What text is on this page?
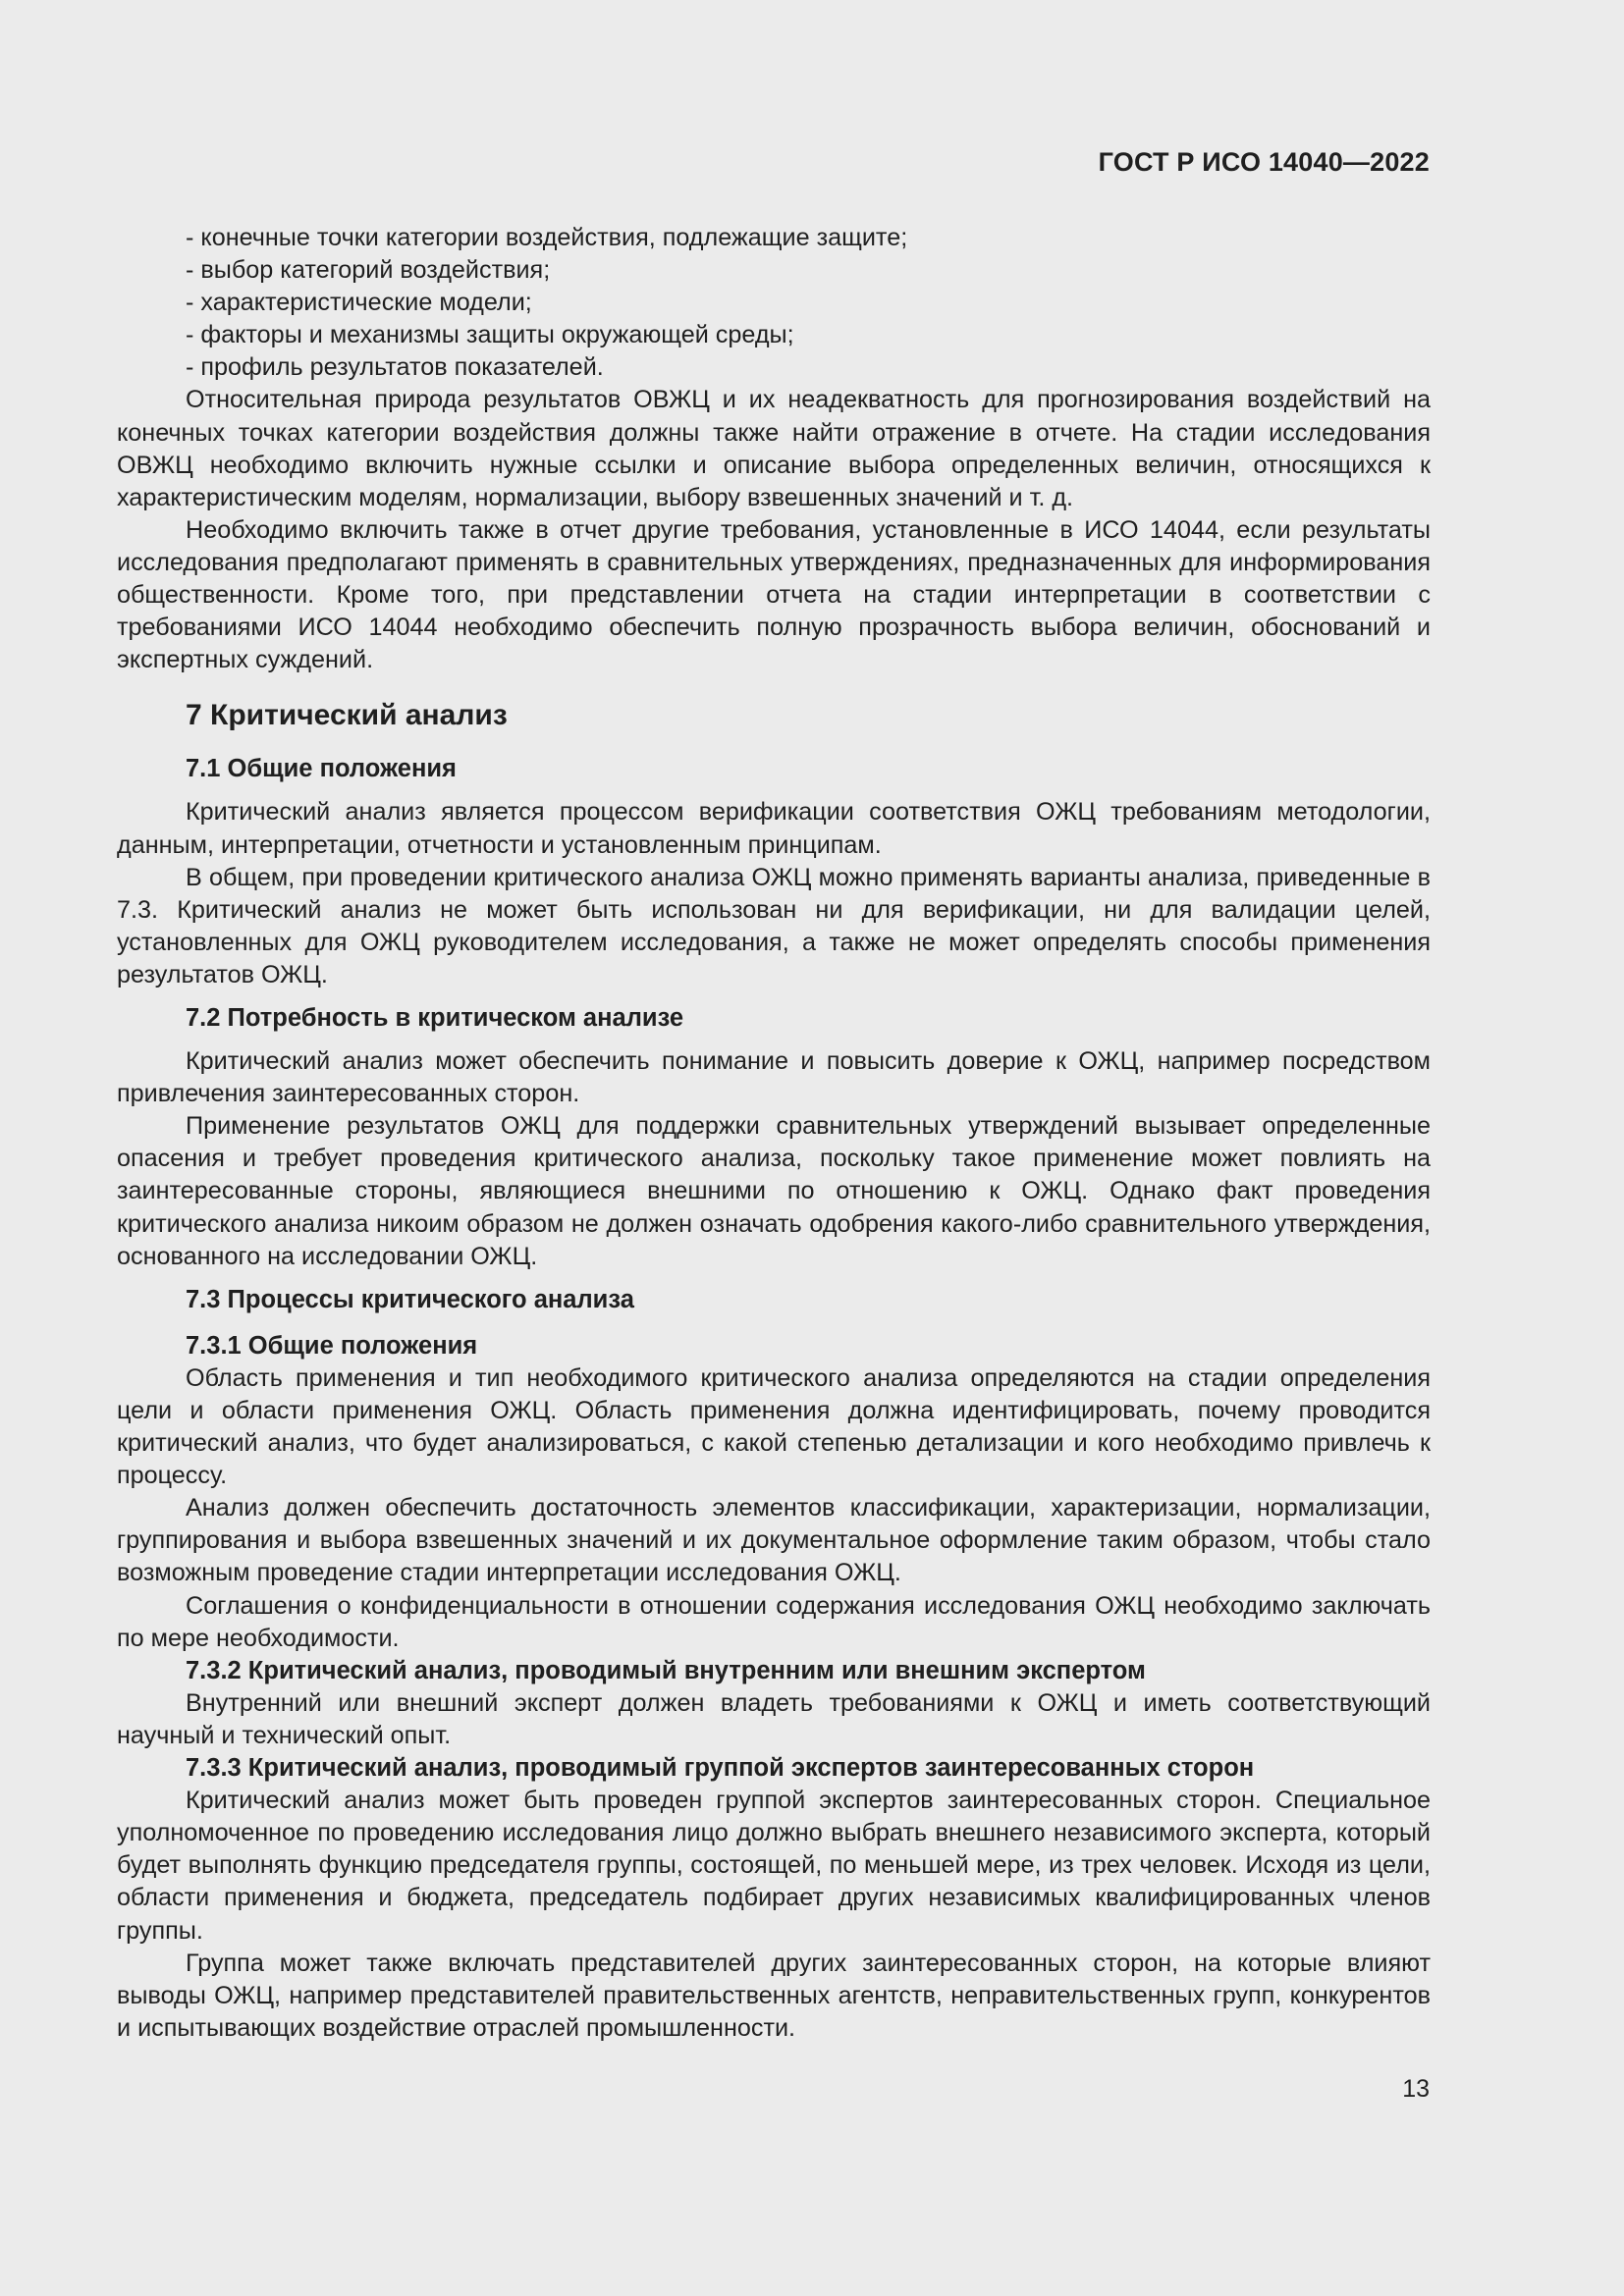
ГОСТ Р ИСО 14040—2022

- конечные точки категории воздействия, подлежащие защите;

- выбор категорий воздействия;

- характеристические модели;

- факторы и механизмы защиты окружающей среды;

- профиль результатов показателей.

Относительная природа результатов ОВЖЦ и их неадекватность для прогнозирования воздействий на конечных точках категории воздействия должны также найти отражение в отчете. На стадии исследования ОВЖЦ необходимо включить нужные ссылки и описание выбора определенных величин, относящихся к характеристическим моделям, нормализации, выбору взвешенных значений и т. д.

Необходимо включить также в отчет другие требования, установленные в ИСО 14044, если результаты исследования предполагают применять в сравнительных утверждениях, предназначенных для информирования общественности. Кроме того, при представлении отчета на стадии интерпретации в соответствии с требованиями ИСО 14044 необходимо обеспечить полную прозрачность выбора величин, обоснований и экспертных суждений.

7 Критический анализ
7.1 Общие положения

Критический анализ является процессом верификации соответствия ОЖЦ требованиям методологии, данным, интерпретации, отчетности и установленным принципам.

В общем, при проведении критического анализа ОЖЦ можно применять варианты анализа, приведенные в 7.3. Критический анализ не может быть использован ни для верификации, ни для валидации целей, установленных для ОЖЦ руководителем исследования, а также не может определять способы применения результатов ОЖЦ.

7.2 Потребность в критическом анализе

Критический анализ может обеспечить понимание и повысить доверие к ОЖЦ, например посредством привлечения заинтересованных сторон.

Применение результатов ОЖЦ для поддержки сравнительных утверждений вызывает определенные опасения и требует проведения критического анализа, поскольку такое применение может повлиять на заинтересованные стороны, являющиеся внешними по отношению к ОЖЦ. Однако факт проведения критического анализа никоим образом не должен означать одобрения какого-либо сравнительного утверждения, основанного на исследовании ОЖЦ.

7.3 Процессы критического анализа
7.3.1 Общие положения

Область применения и тип необходимого критического анализа определяются на стадии определения цели и области применения ОЖЦ. Область применения должна идентифицировать, почему проводится критический анализ, что будет анализироваться, с какой степенью детализации и кого необходимо привлечь к процессу.

Анализ должен обеспечить достаточность элементов классификации, характеризации, нормализации, группирования и выбора взвешенных значений и их документальное оформление таким образом, чтобы стало возможным проведение стадии интерпретации исследования ОЖЦ.

Соглашения о конфиденциальности в отношении содержания исследования ОЖЦ необходимо заключать по мере необходимости.

7.3.2 Критический анализ, проводимый внутренним или внешним экспертом

Внутренний или внешний эксперт должен владеть требованиями к ОЖЦ и иметь соответствующий научный и технический опыт.

7.3.3 Критический анализ, проводимый группой экспертов заинтересованных сторон

Критический анализ может быть проведен группой экспертов заинтересованных сторон. Специальное уполномоченное по проведению исследования лицо должно выбрать внешнего независимого эксперта, который будет выполнять функцию председателя группы, состоящей, по меньшей мере, из трех человек. Исходя из цели, области применения и бюджета, председатель подбирает других независимых квалифицированных членов группы.

Группа может также включать представителей других заинтересованных сторон, на которые влияют выводы ОЖЦ, например представителей правительственных агентств, неправительственных групп, конкурентов и испытывающих воздействие отраслей промышленности.

13
